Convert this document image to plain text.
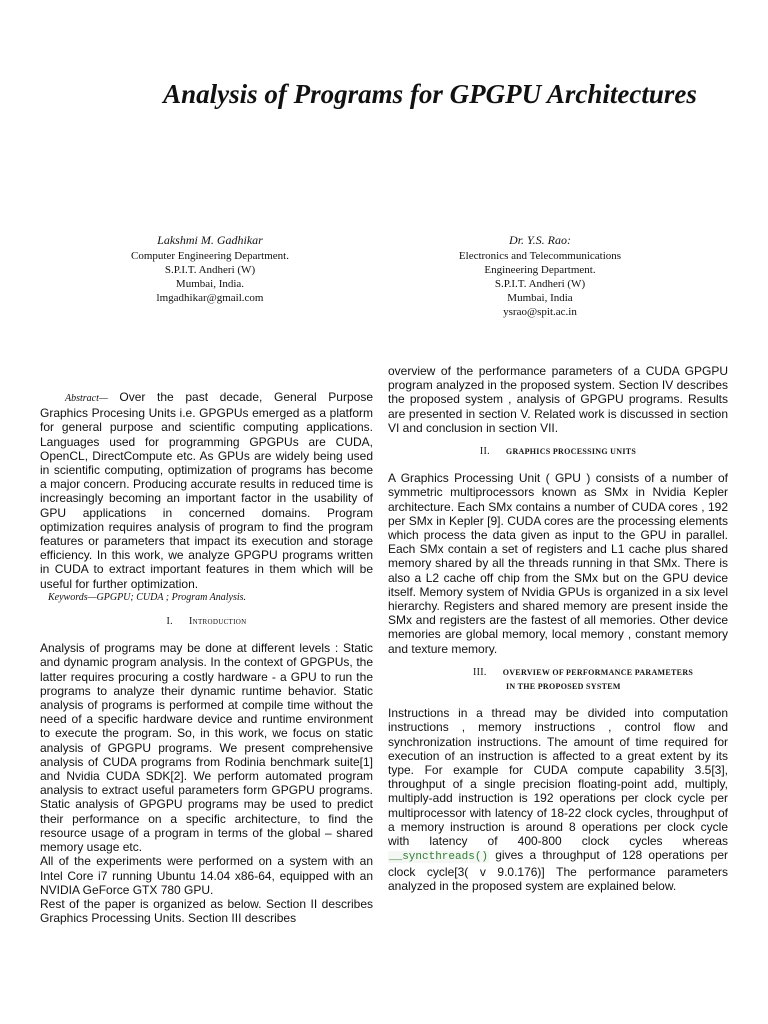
Analysis of Programs for GPGPU Architectures
Lakshmi M. Gadhikar
Computer Engineering Department.
S.P.I.T. Andheri (W)
Mumbai, India.
lmgadhikar@gmail.com
Dr. Y.S. Rao:
Electronics and Telecommunications
Engineering Department.
S.P.I.T. Andheri (W)
Mumbai, India
ysrao@spit.ac.in

Abstract— Over the past decade, General Purpose Graphics Procesing Units i.e. GPGPUs emerged as a platform for general purpose and scientific computing applications. Languages used for programming GPGPUs are CUDA, OpenCL, DirectCompute etc. As GPUs are widely being used in scientific computing, optimization of programs has become a major concern. Producing accurate results in reduced time is increasingly becoming an important factor in the usability of GPU applications in concerned domains. Program optimization requires analysis of program to find the program features or parameters that impact its execution and storage efficiency. In this work, we analyze GPGPU programs written in CUDA to extract important features in them which will be useful for further optimization.

Keywords—GPGPU; CUDA ; Program Analysis.

I. Introduction

Analysis of programs may be done at different levels : Static and dynamic program analysis. In the context of GPGPUs, the latter requires procuring a costly hardware - a GPU to run the programs to analyze their dynamic runtime behavior. Static analysis of programs is performed at compile time without the need of a specific hardware device and runtime environment to execute the program. So, in this work, we focus on static analysis of GPGPU programs. We present comprehensive analysis of CUDA programs from Rodinia benchmark suite[1] and Nvidia CUDA SDK[2]. We perform automated program analysis to extract useful parameters form GPGPU programs. Static analysis of GPGPU programs may be used to predict their performance on a specific architecture, to find the resource usage of a program in terms of the global – shared memory usage etc.

All of the experiments were performed on a system with an Intel Core i7 running Ubuntu 14.04 x86-64, equipped with an NVIDIA GeForce GTX 780 GPU.

Rest of the paper is organized as below. Section II describes Graphics Processing Units. Section III describes

overview of the performance parameters of a CUDA GPGPU program analyzed in the proposed system. Section IV describes the proposed system , analysis of GPGPU programs. Results are presented in section V. Related work is discussed in section VI and conclusion in section VII.

II. GRAPHICS PROCESSING UNITS

A Graphics Processing Unit ( GPU ) consists of a number of symmetric multiprocessors known as SMx in Nvidia Kepler architecture. Each SMx contains a number of CUDA cores , 192 per SMx in Kepler [9]. CUDA cores are the processing elements which process the data given as input to the GPU in parallel. Each SMx contain a set of registers and L1 cache plus shared memory shared by all the threads running in that SMx. There is also a L2 cache off chip from the SMx but on the GPU device itself. Memory system of Nvidia GPUs is organized in a six level hierarchy. Registers and shared memory are present inside the SMx and registers are the fastest of all memories. Other device memories are global memory, local memory , constant memory and texture memory.

III. OVERVIEW OF PERFORMANCE PARAMETERS
IN THE PROPOSED SYSTEM

Instructions in a thread may be divided into computation instructions , memory instructions , control flow and synchronization instructions. The amount of time required for execution of an instruction is affected to a great extent by its type. For example for CUDA compute capability 3.5[3], throughput of a single precision floating-point add, multiply, multiply-add instruction is 192 operations per clock cycle per multiprocessor with latency of 18-22 clock cycles, throughput of a memory instruction is around 8 operations per clock cycle with latency of 400-800 clock cycles whereas __syncthreads() gives a throughput of 128 operations per clock cycle[3( v 9.0.176)] The performance parameters analyzed in the proposed system are explained below.
